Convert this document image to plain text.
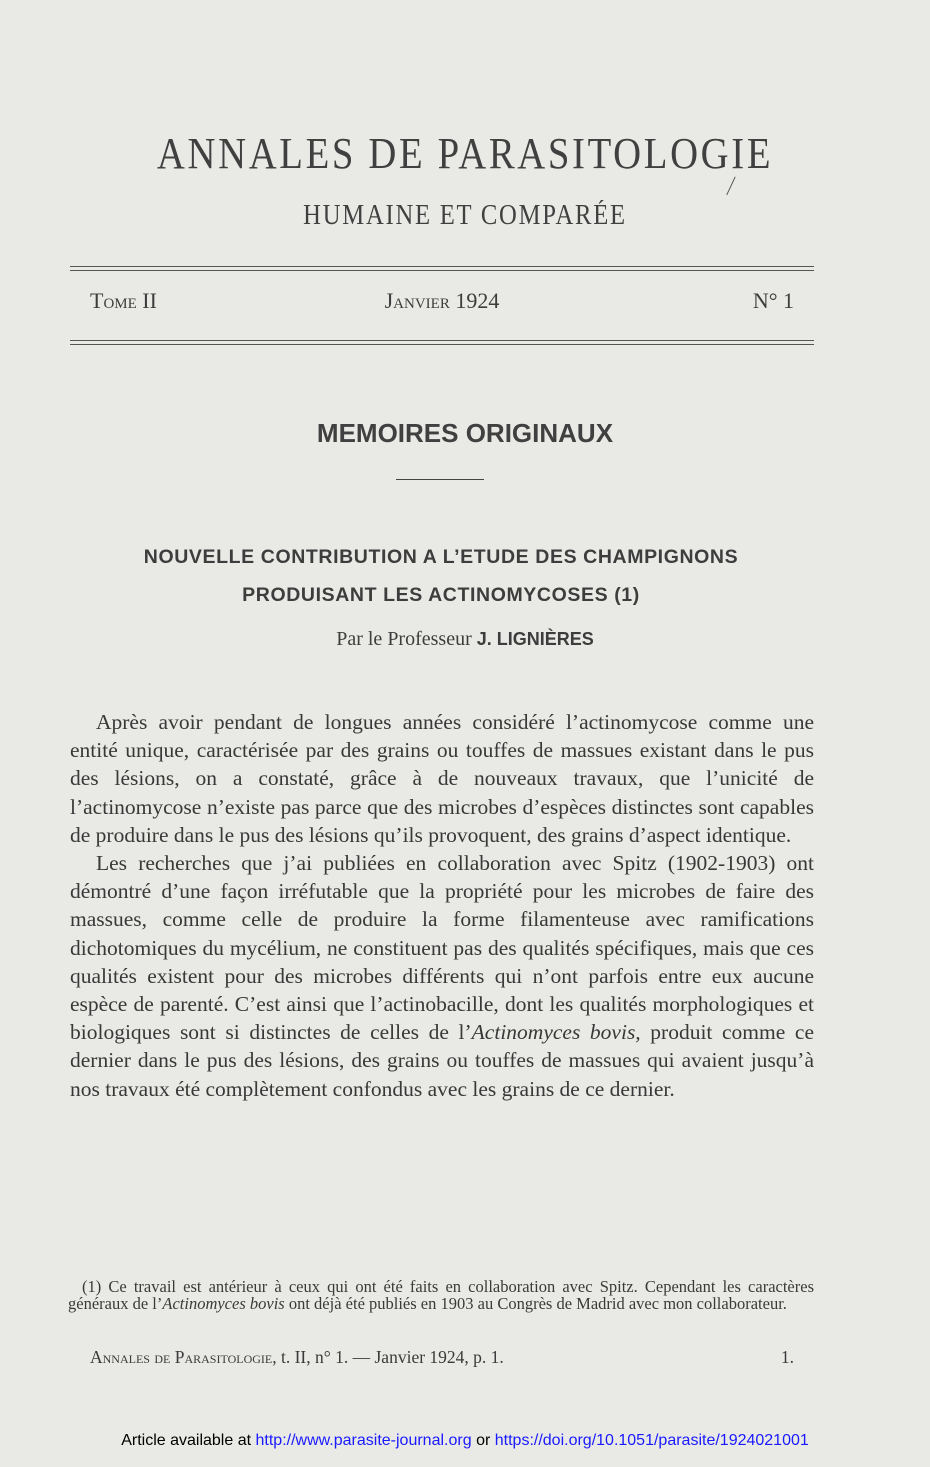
ANNALES DE PARASITOLOGIE
HUMAINE ET COMPARÉE
Tome II	Janvier 1924	N° 1
MEMOIRES ORIGINAUX
NOUVELLE CONTRIBUTION A L’ETUDE DES CHAMPIGNONS
PRODUISANT LES ACTINOMYCOSES (1)
Par le Professeur J. LIGNIÈRES

Après avoir pendant de longues années considéré l’actinomycose comme une entité unique, caractérisée par des grains ou touffes de massues existant dans le pus des lésions, on a constaté, grâce à de nouveaux travaux, que l’unicité de l’actinomycose n’existe pas parce que des microbes d’espèces distinctes sont capables de produire dans le pus des lésions qu’ils provoquent, des grains d’aspect identique.

Les recherches que j’ai publiées en collaboration avec Spitz (1902-1903) ont démontré d’une façon irréfutable que la propriété pour les microbes de faire des massues, comme celle de produire la forme filamenteuse avec ramifications dichotomiques du mycélium, ne constituent pas des qualités spécifiques, mais que ces qualités existent pour des microbes différents qui n’ont parfois entre eux aucune espèce de parenté. C’est ainsi que l’actinobacille, dont les qualités morphologiques et biologiques sont si distinctes de celles de l’Actinomyces bovis, produit comme ce dernier dans le pus des lésions, des grains ou touffes de massues qui avaient jusqu’à nos travaux été complètement confondus avec les grains de ce dernier.

(1) Ce travail est antérieur à ceux qui ont été faits en collaboration avec Spitz. Cependant les caractères généraux de l’Actinomyces bovis ont déjà été publiés en 1903 au Congrès de Madrid avec mon collaborateur.

Annales de Parasitologie, t. II, n° 1. — Janvier 1924, p. 1.	1.
Article available at http://www.parasite-journal.org or https://doi.org/10.1051/parasite/1924021001
